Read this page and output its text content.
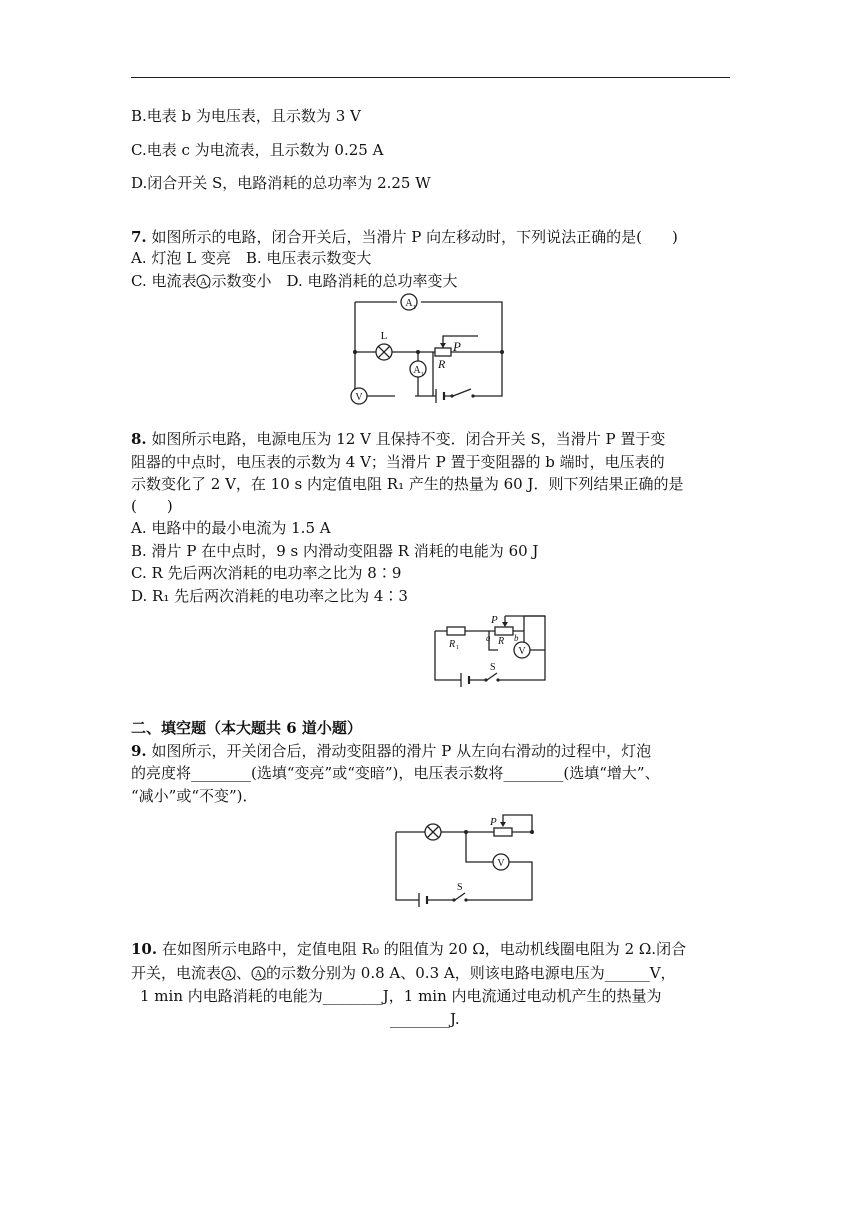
B.电表 b 为电压表，且示数为 3 V
C.电表 c 为电流表，且示数为 0.25 A
D.闭合开关 S，电路消耗的总功率为 2.25 W
7. 如图所示的电路，闭合开关后，当滑片 P 向左移动时，下列说法正确的是(　　)
A. 灯泡 L 变亮　B. 电压表示数变大
C. 电流表 A 1 示数变小　D. 电路消耗的总功率变大
A 1
L
P
R
A 1
V
8. 如图所示电路，电源电压为 12 V 且保持不变．闭合开关 S，当滑片 P 置于变
阻器的中点时，电压表的示数为 4 V；当滑片 P 置于变阻器的 b 端时，电压表的
示数变化了 2 V，在 10 s 内定值电阻 R₁ 产生的热量为 60 J．则下列结果正确的是
(　　)
A. 电路中的最小电流为 1.5 A
B. 滑片 P 在中点时，9 s 内滑动变阻器 R 消耗的电能为 60 J
C. R 先后两次消耗的电功率之比为 8∶9
D. R₁ 先后两次消耗的电功率之比为 4∶3
R 1
P
a R b
V
S
二、填空题（本大题共 6 道小题）
9. 如图所示，开关闭合后，滑动变阻器的滑片 P 从左向右滑动的过程中，灯泡
的亮度将________(选填“变亮”或“变暗”)，电压表示数将________(选填“增大”、
“减小”或“不变”)．
P
V
S
10. 在如图所示电路中，定值电阻 R₀ 的阻值为 20 Ω，电动机线圈电阻为 2 Ω.闭合
开关，电流表 A 1 、 A 2 的示数分别为 0.8 A、0.3 A，则该电路电源电压为______V，
1 min 内电路消耗的电能为________J，1 min 内电流通过电动机产生的热量为
________J.
